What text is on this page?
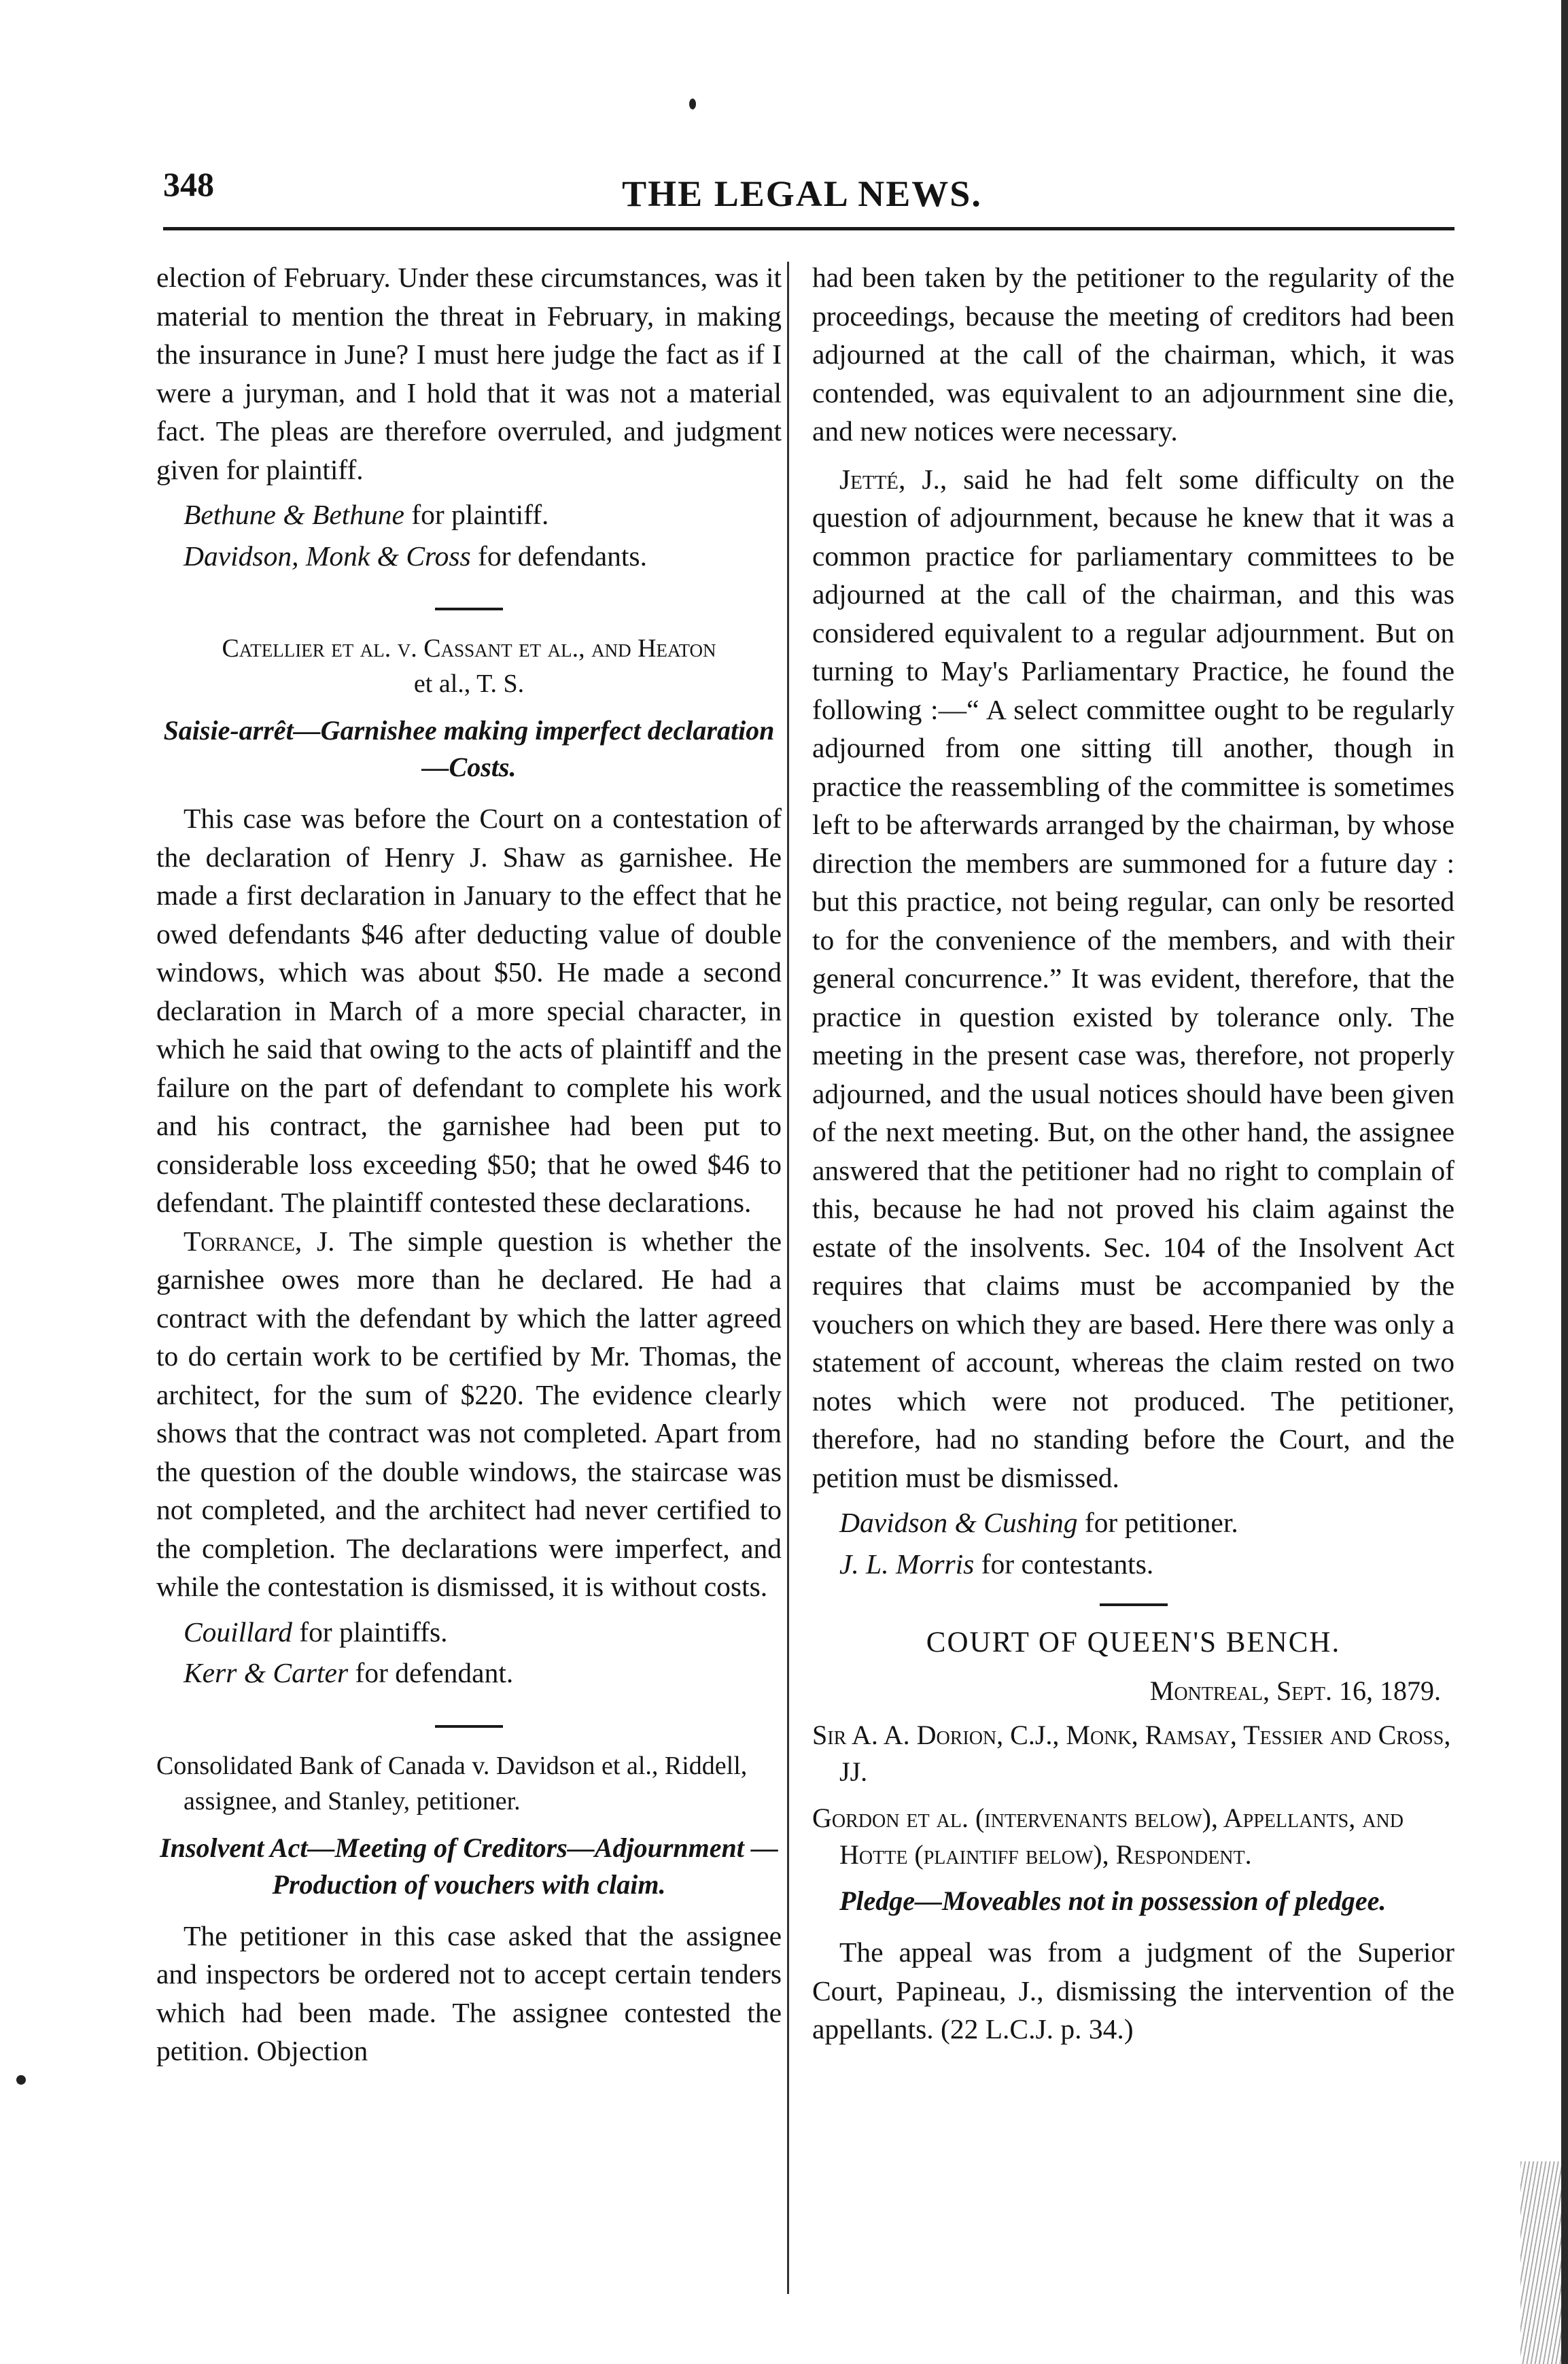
348	THE LEGAL NEWS.

election of February. Under these circumstances, was it material to mention the threat in February, in making the insurance in June? I must here judge the fact as if I were a juryman, and I hold that it was not a material fact. The pleas are therefore overruled, and judgment given for plaintiff.

Bethune & Bethune for plaintiff.
Davidson, Monk & Cross for defendants.
Catellier et al. v. Cassant et al., and Heaton
et al., T. S.
Saisie-arrêt—Garnishee making imperfect declaration—Costs.

This case was before the Court on a contestation of the declaration of Henry J. Shaw as garnishee. He made a first declaration in January to the effect that he owed defendants $46 after deducting value of double windows, which was about $50. He made a second declaration in March of a more special character, in which he said that owing to the acts of plaintiff and the failure on the part of defendant to complete his work and his contract, the garnishee had been put to considerable loss exceeding $50; that he owed $46 to defendant. The plaintiff contested these declarations.

Torrance, J. The simple question is whether the garnishee owes more than he declared. He had a contract with the defendant by which the latter agreed to do certain work to be certified by Mr. Thomas, the architect, for the sum of $220. The evidence clearly shows that the contract was not completed. Apart from the question of the double windows, the staircase was not completed, and the architect had never certified to the completion. The declarations were imperfect, and while the contestation is dismissed, it is without costs.

Couillard for plaintiffs.
Kerr & Carter for defendant.
Consolidated Bank of Canada v. Davidson et al., Riddell, assignee, and Stanley, petitioner.
Insolvent Act—Meeting of Creditors—Adjournment —Production of vouchers with claim.

The petitioner in this case asked that the assignee and inspectors be ordered not to accept certain tenders which had been made. The assignee contested the petition. Objection

had been taken by the petitioner to the regularity of the proceedings, because the meeting of creditors had been adjourned at the call of the chairman, which, it was contended, was equivalent to an adjournment sine die, and new notices were necessary.

Jetté, J., said he had felt some difficulty on the question of adjournment, because he knew that it was a common practice for parliamentary committees to be adjourned at the call of the chairman, and this was considered equivalent to a regular adjournment. But on turning to May's Parliamentary Practice, he found the following :—“ A select committee ought to be regularly adjourned from one sitting till another, though in practice the reassembling of the committee is sometimes left to be afterwards arranged by the chairman, by whose direction the members are summoned for a future day : but this practice, not being regular, can only be resorted to for the convenience of the members, and with their general concurrence.” It was evident, therefore, that the practice in question existed by tolerance only. The meeting in the present case was, therefore, not properly adjourned, and the usual notices should have been given of the next meeting. But, on the other hand, the assignee answered that the petitioner had no right to complain of this, because he had not proved his claim against the estate of the insolvents. Sec. 104 of the Insolvent Act requires that claims must be accompanied by the vouchers on which they are based. Here there was only a statement of account, whereas the claim rested on two notes which were not produced. The petitioner, therefore, had no standing before the Court, and the petition must be dismissed.

Davidson & Cushing for petitioner.
J. L. Morris for contestants.
COURT OF QUEEN'S BENCH.
Montreal, Sept. 16, 1879.
Sir A. A. Dorion, C.J., Monk, Ramsay, Tessier and Cross, JJ.
Gordon et al. (intervenants below), Appellants, and Hotte (plaintiff below), Respondent.
Pledge—Moveables not in possession of pledgee.

The appeal was from a judgment of the Superior Court, Papineau, J., dismissing the intervention of the appellants. (22 L.C.J. p. 34.)
